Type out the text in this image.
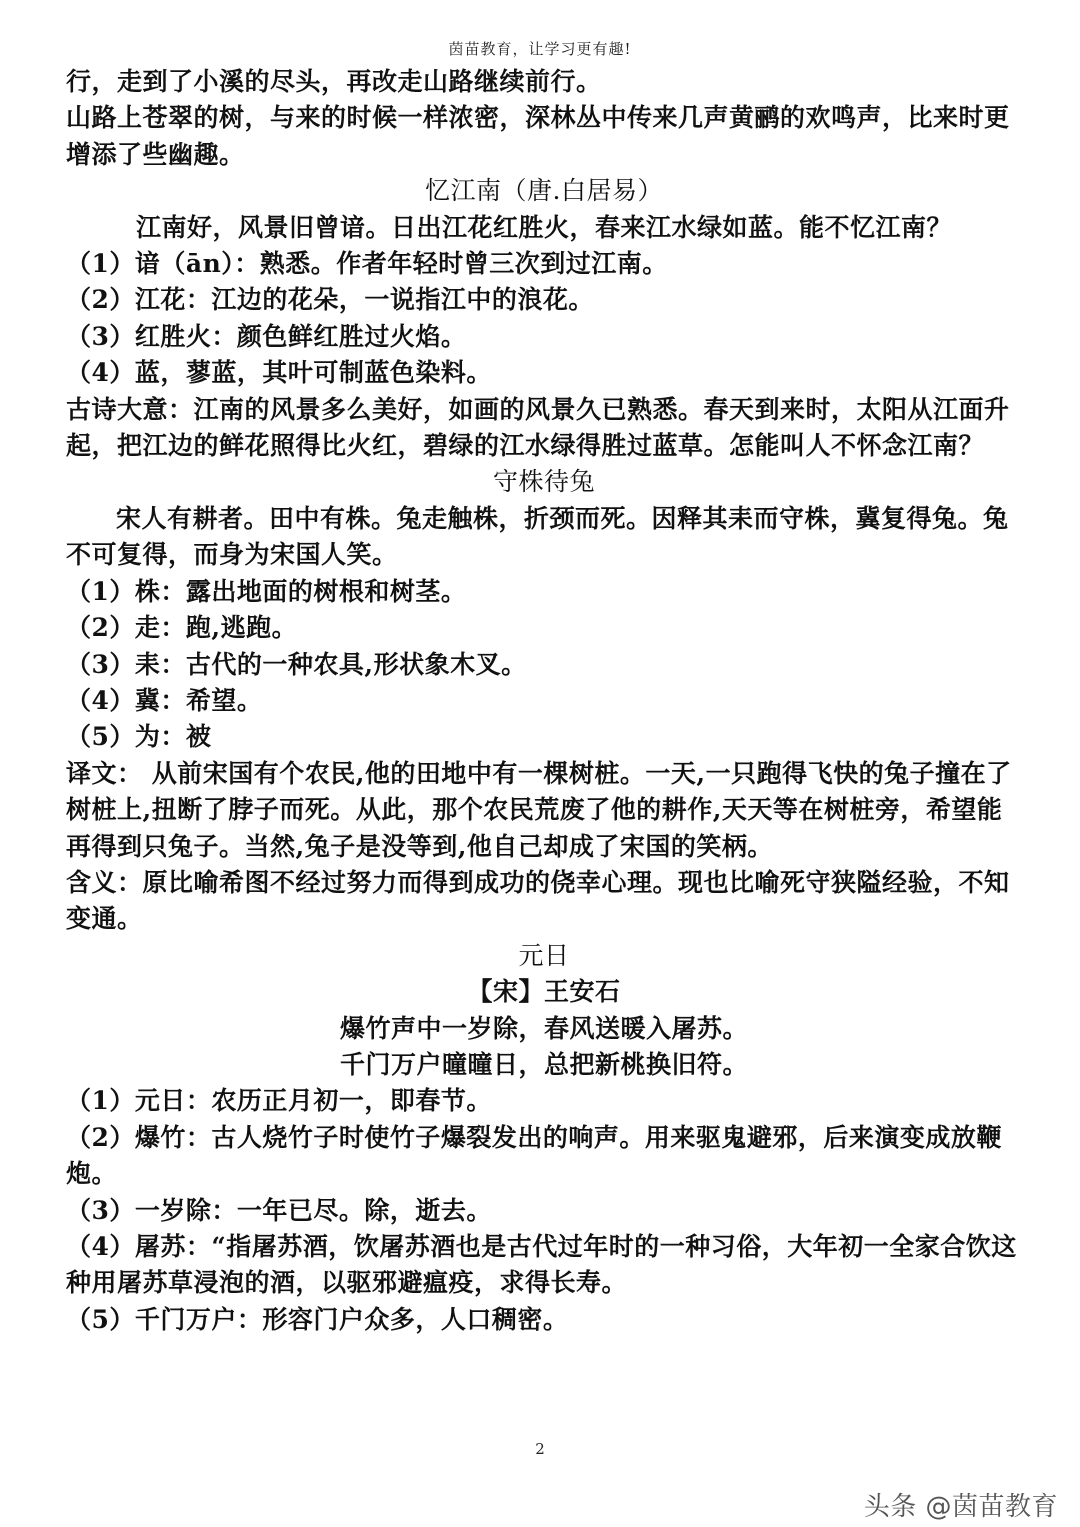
茵苗教育，让学习更有趣!

行，走到了小溪的尽头，再改走山路继续前行。

山路上苍翠的树，与来的时候一样浓密，深林丛中传来几声黄鹂的欢鸣声，比来时更增添了些幽趣。

忆江南（唐.白居易）

江南好，风景旧曾谙。日出江花红胜火，春来江水绿如蓝。能不忆江南？

（1）谙（ān）：熟悉。作者年轻时曾三次到过江南。

（2）江花：江边的花朵，一说指江中的浪花。

（3）红胜火：颜色鲜红胜过火焰。

（4）蓝，蓼蓝，其叶可制蓝色染料。

古诗大意：江南的风景多么美好，如画的风景久已熟悉。春天到来时，太阳从江面升起，把江边的鲜花照得比火红，碧绿的江水绿得胜过蓝草。怎能叫人不怀念江南？

守株待兔

宋人有耕者。田中有株。兔走触株，折颈而死。因释其耒而守株，冀复得兔。兔不可复得，而身为宋国人笑。

（1）株：露出地面的树根和树茎。

（2）走：跑,逃跑。

（3）耒：古代的一种农具,形状象木叉。

（4）冀：希望。

（5）为：被

译文： 从前宋国有个农民,他的田地中有一棵树桩。一天,一只跑得飞快的兔子撞在了树桩上,扭断了脖子而死。从此，那个农民荒废了他的耕作,天天等在树桩旁，希望能再得到只兔子。当然,兔子是没等到,他自己却成了宋国的笑柄。

含义：原比喻希图不经过努力而得到成功的侥幸心理。现也比喻死守狭隘经验，不知变通。

元日

【宋】王安石

爆竹声中一岁除，春风送暖入屠苏。

千门万户曈曈日，总把新桃换旧符。

（1）元日：农历正月初一，即春节。

（2）爆竹：古人烧竹子时使竹子爆裂发出的响声。用来驱鬼避邪，后来演变成放鞭炮。

（3）一岁除：一年已尽。除，逝去。

（4）屠苏：“指屠苏酒，饮屠苏酒也是古代过年时的一种习俗，大年初一全家合饮这种用屠苏草浸泡的酒，以驱邪避瘟疫，求得长寿。

（5）千门万户：形容门户众多，人口稠密。

2
头条 @茵苗教育
